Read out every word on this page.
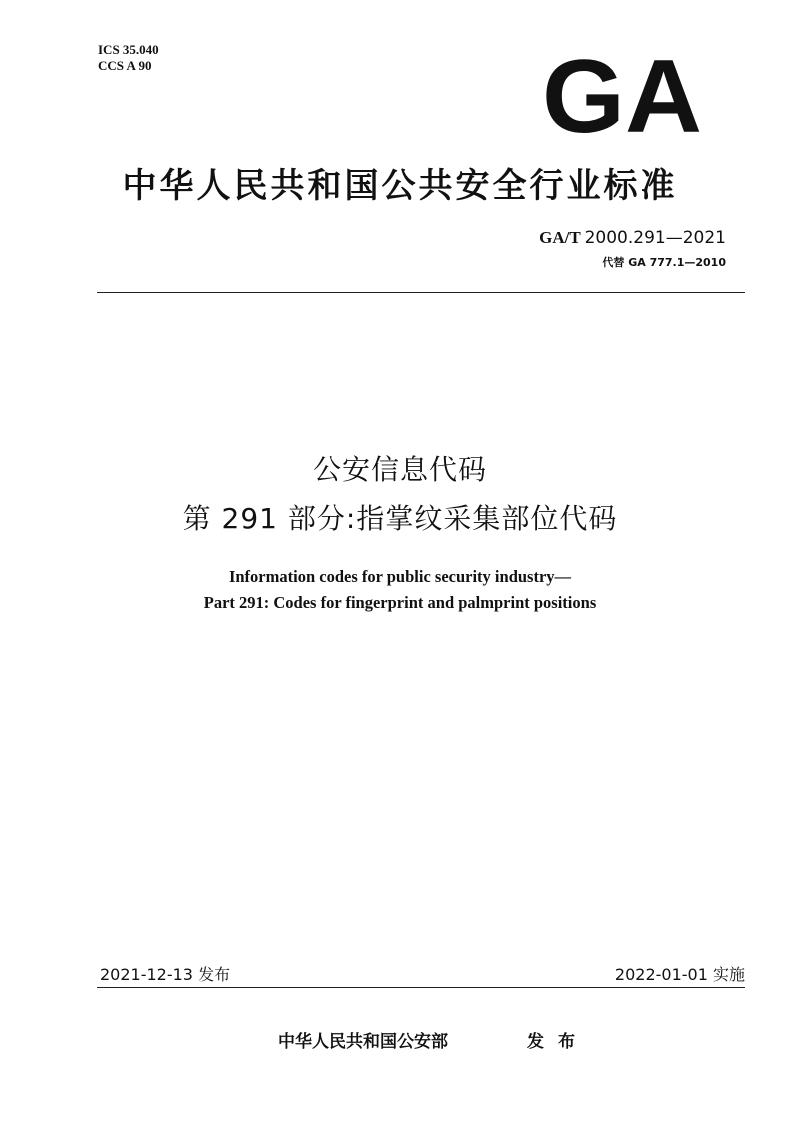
ICS 35.040
CCS A 90	GA
中华人民共和国公共安全行业标准
GA/T 2000.291—2021
代替 GA 777.1—2010
公安信息代码
第 291 部分:指掌纹采集部位代码
Information codes for public security industry—
Part 291: Codes for fingerprint and palmprint positions
2021-12-13 发布	2022-01-01 实施
中华人民共和国公安部	发布
